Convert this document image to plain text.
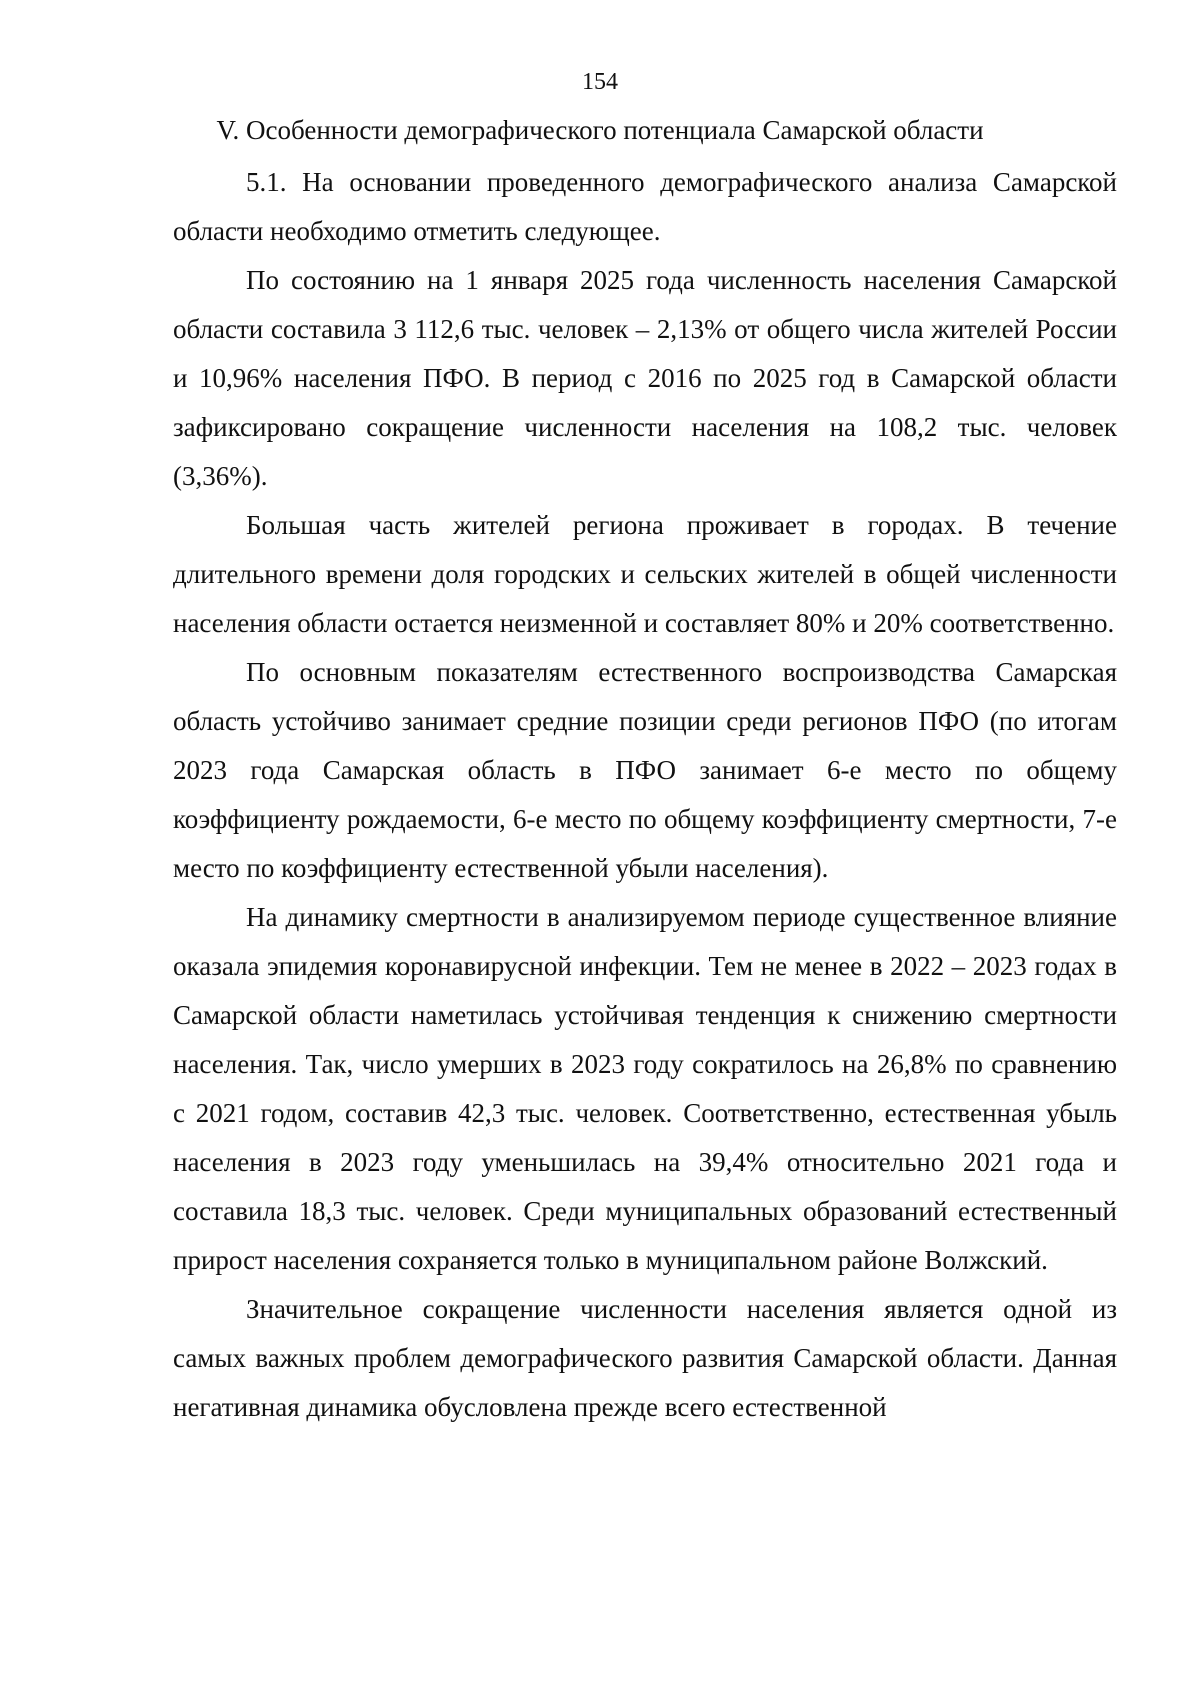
154
V. Особенности демографического потенциала Самарской области

5.1. На основании проведенного демографического анализа Самарской области необходимо отметить следующее.

По состоянию на 1 января 2025 года численность населения Самарской области составила 3 112,6 тыс. человек – 2,13% от общего числа жителей России и 10,96% населения ПФО. В период с 2016 по 2025 год в Самарской области зафиксировано сокращение численности населения на 108,2 тыс. человек (3,36%).

Большая часть жителей региона проживает в городах. В течение длительного времени доля городских и сельских жителей в общей численности населения области остается неизменной и составляет 80% и 20% соответственно.

По основным показателям естественного воспроизводства Самарская область устойчиво занимает средние позиции среди регионов ПФО (по итогам 2023 года Самарская область в ПФО занимает 6-е место по общему коэффициенту рождаемости, 6-е место по общему коэффициенту смертности, 7-е место по коэффициенту естественной убыли населения).

На динамику смертности в анализируемом периоде существенное влияние оказала эпидемия коронавирусной инфекции. Тем не менее в 2022 – 2023 годах в Самарской области наметилась устойчивая тенденция к снижению смертности населения. Так, число умерших в 2023 году сократилось на 26,8% по сравнению с 2021 годом, составив 42,3 тыс. человек. Соответственно, естественная убыль населения в 2023 году уменьшилась на 39,4% относительно 2021 года и составила 18,3 тыс. человек. Среди муниципальных образований естественный прирост населения сохраняется только в муниципальном районе Волжский.

Значительное сокращение численности населения является одной из самых важных проблем демографического развития Самарской области. Данная негативная динамика обусловлена прежде всего естественной
